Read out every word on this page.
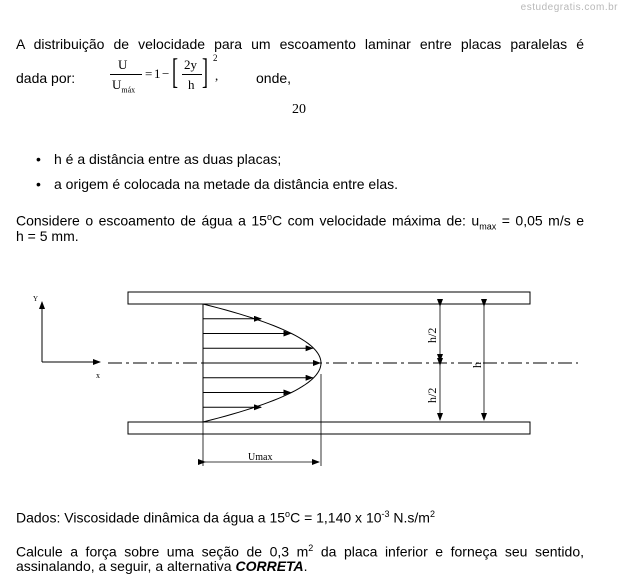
estudegratis.com.br
A distribuição de velocidade para um escoamento laminar entre placas paralelas é
dada por:
U
$U_{máx}$
= 1 − [ 2y
h ] 2
,	onde,
20
• h é a distância entre as duas placas;
• a origem é colocada na metade da distância entre elas.
Considere o escoamento de água a 15$^o$C com velocidade máxima de: $u_{max} = 0,05$ m/s e
h = 5 mm.
Y
x
h/2
h/2
h
Umax
Dados: Viscosidade dinâmica da água a $15^oC = 1,140$ x $10^{-3}$ $N.s/m^2$
Calcule a força sobre uma seção de 0,3 $m^2$ da placa inferior e forneça seu sentido,
assinalando, a seguir, a alternativa CORRETA.
